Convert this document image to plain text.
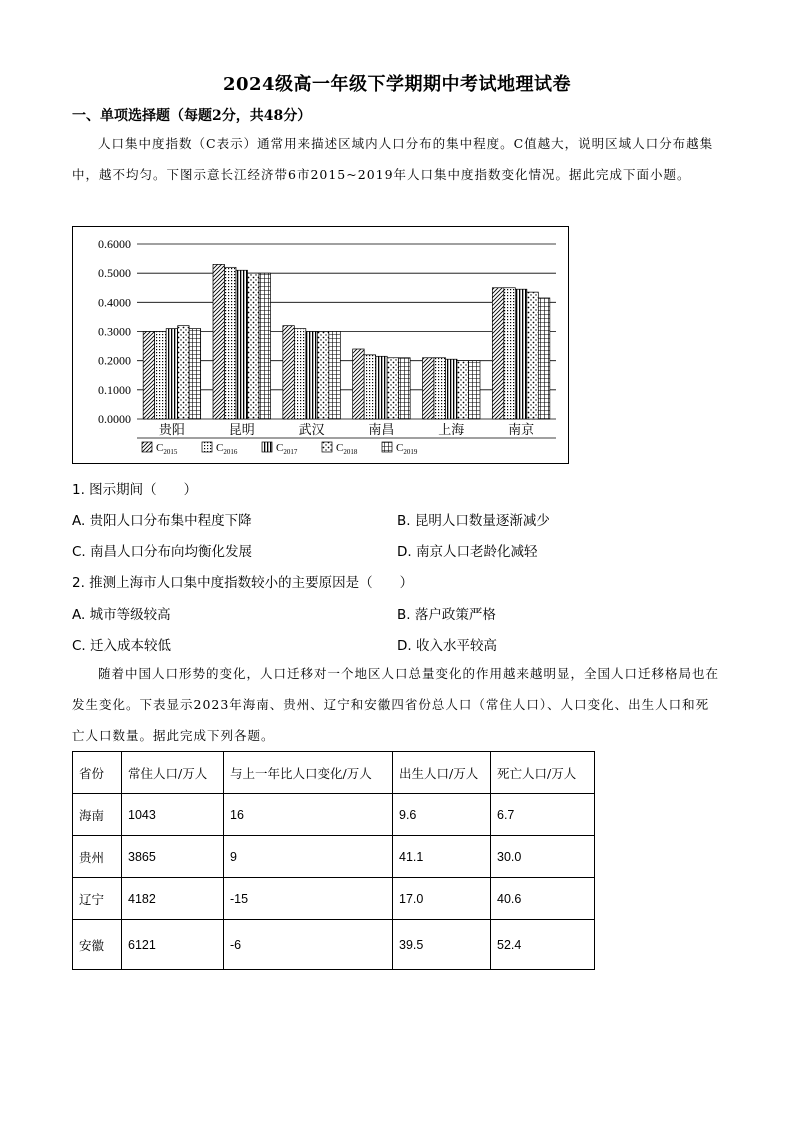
2024级高一年级下学期期中考试地理试卷
一、单项选择题（每题2分，共48分）
人口集中度指数（C表示）通常用来描述区域内人口分布的集中程度。C值越大，说明区域人口分布越集中，越不均匀。下图示意长江经济带6市2015~2019年人口集中度指数变化情况。据此完成下面小题。
0.0000
0.1000
0.2000
0.3000
0.4000
0.5000
0.6000
贵阳	昆明	武汉	南昌	上海	南京
$C_{2015}$	$C_{2016}$	$C_{2017}$	$C_{2018}$	$C_{2019}$
1. 图示期间（　　）
A. 贵阳人口分布集中程度下降	B. 昆明人口数量逐渐减少
C. 南昌人口分布向均衡化发展	D. 南京人口老龄化减轻
2. 推测上海市人口集中度指数较小的主要原因是（　　）
A. 城市等级较高	B. 落户政策严格
C. 迁入成本较低	D. 收入水平较高
随着中国人口形势的变化，人口迁移对一个地区人口总量变化的作用越来越明显，全国人口迁移格局也在发生变化。下表显示2023年海南、贵州、辽宁和安徽四省份总人口（常住人口）、人口变化、出生人口和死亡人口数量。据此完成下列各题。
省份	常住人口/万人	与上一年比人口变化/万人	出生人口/万人	死亡人口/万人
海南	1043	16	9.6	6.7
贵州	3865	9	41.1	30.0
辽宁	4182	-15	17.0	40.6
安徽	6121	-6	39.5	52.4
